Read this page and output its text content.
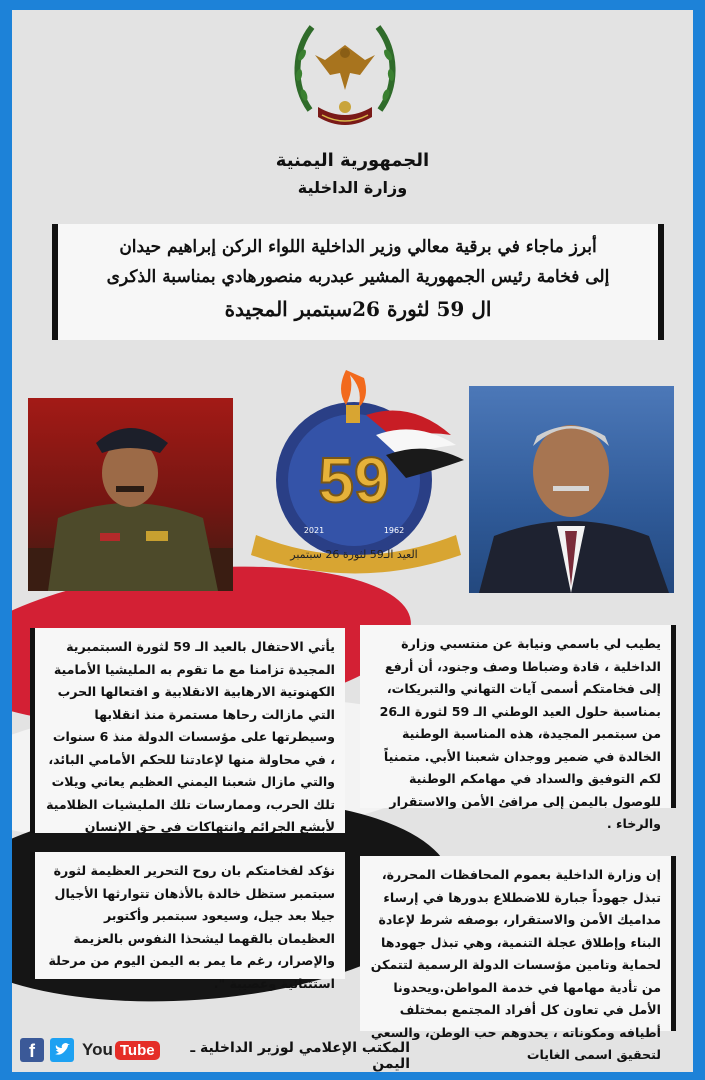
الجمهورية اليمنية
وزارة الداخلية
أبرز ماجاء في برقية معالي وزير الداخلية اللواء الركن إبراهيم حيدان
إلى فخامة رئيس الجمهورية المشير عبدربه منصورهادي بمناسبة الذكرى
ال 59 لثورة 26سبتمبر المجيدة
59
2021	1962
العيد الـ59 لثورة 26 سبتمبر
يطيب لي باسمي ونيابة عن منتسبي وزارة الداخلية ، قادة وضباطا وصف وجنود، أن أرفع إلى فخامتكم أسمى آيات التهاني والتبريكات، بمناسبة حلول العيد الوطني الـ 59 لثورة الـ26 من سبتمبر المجيدة، هذه المناسبة الوطنية الخالدة في ضمير ووجدان شعبنا الأبي. متمنياً لكم التوفيق والسداد في مهامكم الوطنية للوصول باليمن إلى مرافئ الأمن والاستقرار والرخاء .
يأتي الاحتفال بالعيد الـ 59 لثورة السبتمبرية المجيدة تزامنا مع ما تقوم به المليشيا الأمامية الكهنوتية الارهابية الانقلابية و افتعالها الحرب التي مازالت رحاها مستمرة منذ انقلابها وسيطرتها على مؤسسات الدولة منذ 6 سنوات ، في محاولة منها لإعادتنا للحكم الأمامي البائد، والتي مازال شعبنا اليمني العظيم يعاني ويلات تلك الحرب، وممارسات تلك المليشيات الظلامية لأبشع الجرائم وانتهاكات في حق الإنسان
إن وزارة الداخلية بعموم المحافظات المحررة، تبذل جهوداً جبارة للاضطلاع بدورها في إرساء مداميك الأمن والاستقرار، بوصفه شرط لإعادة البناء وإطلاق عجلة التنمية، وهي تبذل جهودها لحماية وتامين مؤسسات الدولة الرسمية لتتمكن من تأدية مهامها في خدمة المواطن.ويحدونا الأمل في تعاون كل أفراد المجتمع بمختلف أطيافه ومكوناته ، يحدوهم حب الوطن، والسعي لتحقيق اسمى الغايات
نؤكد لفخامتكم بان روح التحرير العظيمة لثورة سبتمبر ستظل خالدة بالأذهان تتوارثها الأجيال جيلا بعد جيل، وسيعود سبتمبر وأكتوبر العظيمان بالقهما ليشحذا النفوس بالعزيمة والإصرار، رغم ما يمر به اليمن اليوم من مرحلة استثنائية وعصيبة ".
f	You Tube	المكتب الإعلامي لوزير الداخلية ـ اليمن
